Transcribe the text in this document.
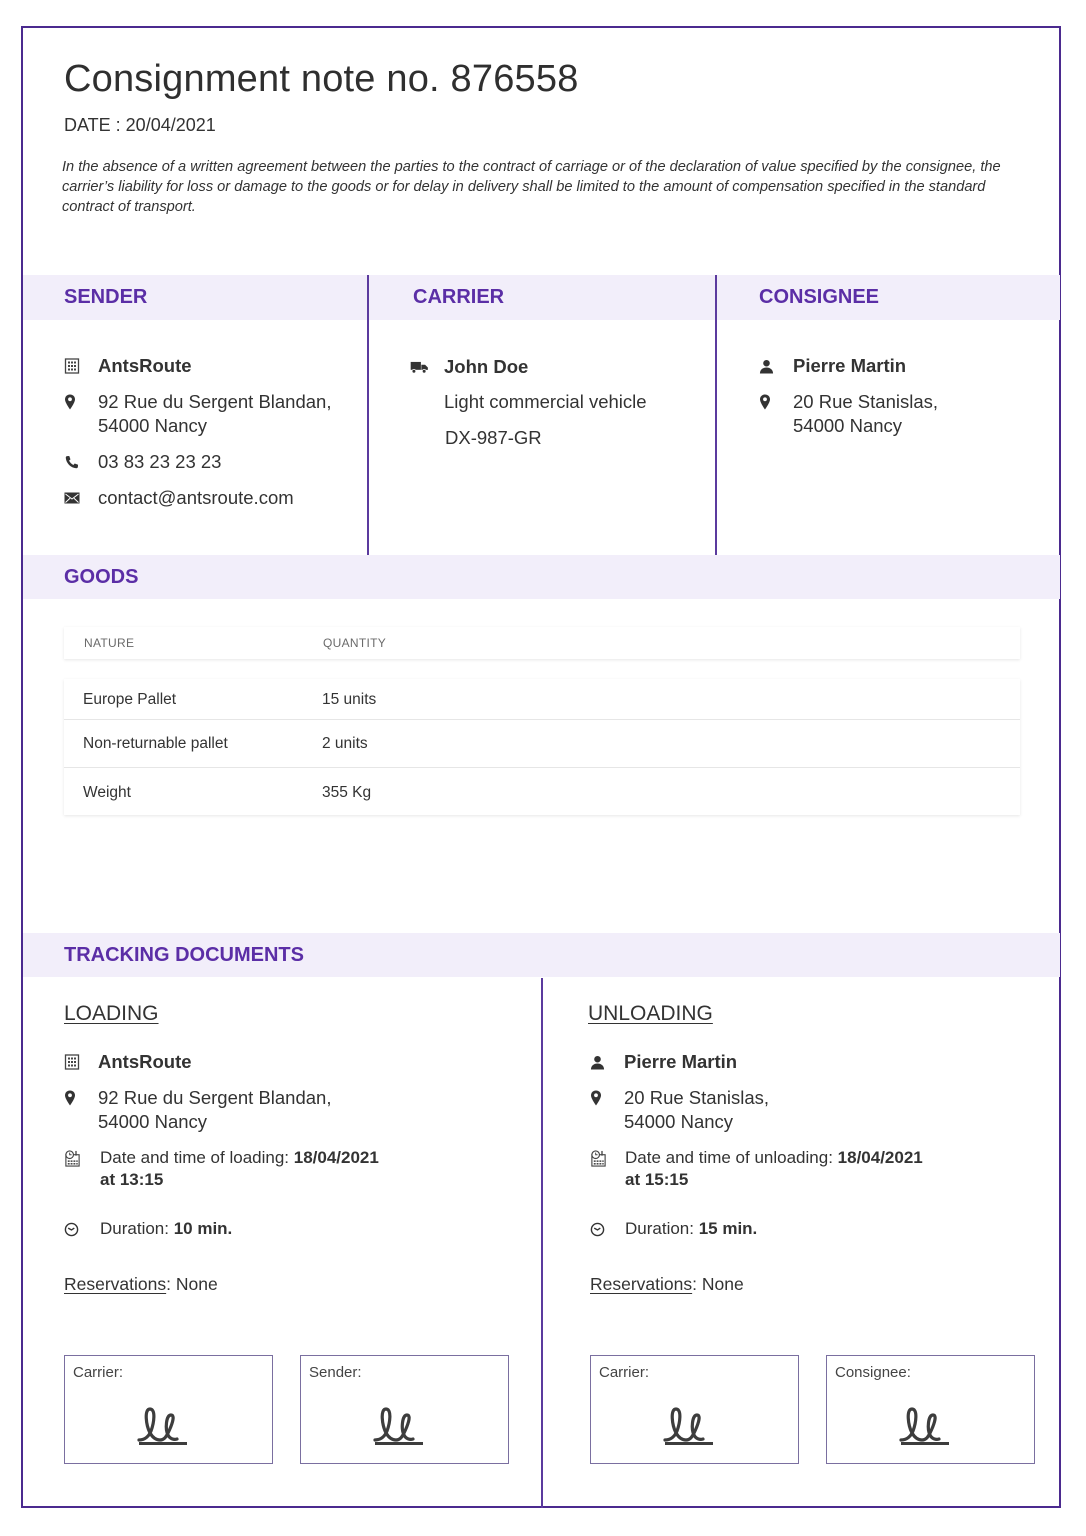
Consignment note no. 876558
DATE : 20/04/2021
In the absence of a written agreement between the parties to the contract of carriage or of the declaration of value specified by the consignee, the carrier’s liability for loss or damage to the goods or for delay in delivery shall be limited to the amount of compensation specified in the standard contract of transport.
SENDER	CARRIER	CONSIGNEE
AntsRoute
92 Rue du Sergent Blandan,
54000 Nancy
03 83 23 23 23
contact@antsroute.com
John Doe
Light commercial vehicle
DX-987-GR
Pierre Martin
20 Rue Stanislas,
54000 Nancy
GOODS
NATURE	QUANTITY
Europe Pallet	15 units
Non-returnable pallet	2 units
Weight	355 Kg
TRACKING DOCUMENTS
LOADING
AntsRoute
92 Rue du Sergent Blandan,
54000 Nancy
Date and time of loading: 18/04/2021
at 13:15
Duration: 10 min.
Reservations: None
Carrier:	Sender:
UNLOADING
Pierre Martin
20 Rue Stanislas,
54000 Nancy
Date and time of unloading: 18/04/2021
at 15:15
Duration: 15 min.
Reservations: None
Carrier:	Consignee:
